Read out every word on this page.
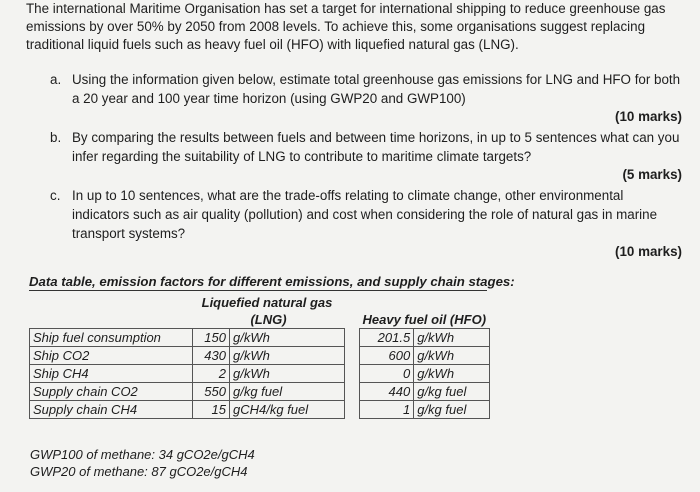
The international Maritime Organisation has set a target for international shipping to reduce greenhouse gas emissions by over 50% by 2050 from 2008 levels. To achieve this, some organisations suggest replacing traditional liquid fuels such as heavy fuel oil (HFO) with liquefied natural gas (LNG).
a. Using the information given below, estimate total greenhouse gas emissions for LNG and HFO for both
a 20 year and 100 year time horizon (using GWP20 and GWP100)
(10 marks)
b. By comparing the results between fuels and between time horizons, in up to 5 sentences what can you
infer regarding the suitability of LNG to contribute to maritime climate targets?
(5 marks)
c. In up to 10 sentences, what are the trade-offs relating to climate change, other environmental
indicators such as air quality (pollution) and cost when considering the role of natural gas in marine
transport systems?
(10 marks)
Data table, emission factors for different emissions, and supply chain stages:
	Liquefied natural gas				
	(LNG)			Heavy fuel oil (HFO)	
Ship fuel consumption	150	g/kWh		201.5	g/kWh
Ship CO2	430	g/kWh		600	g/kWh
Ship CH4	2	g/kWh		0	g/kWh
Supply chain CO2	550	g/kg fuel		440	g/kg fuel
Supply chain CH4	15	gCH4/kg fuel		1	g/kg fuel
GWP100 of methane: 34 gCO2e/gCH4
GWP20 of methane: 87 gCO2e/gCH4
